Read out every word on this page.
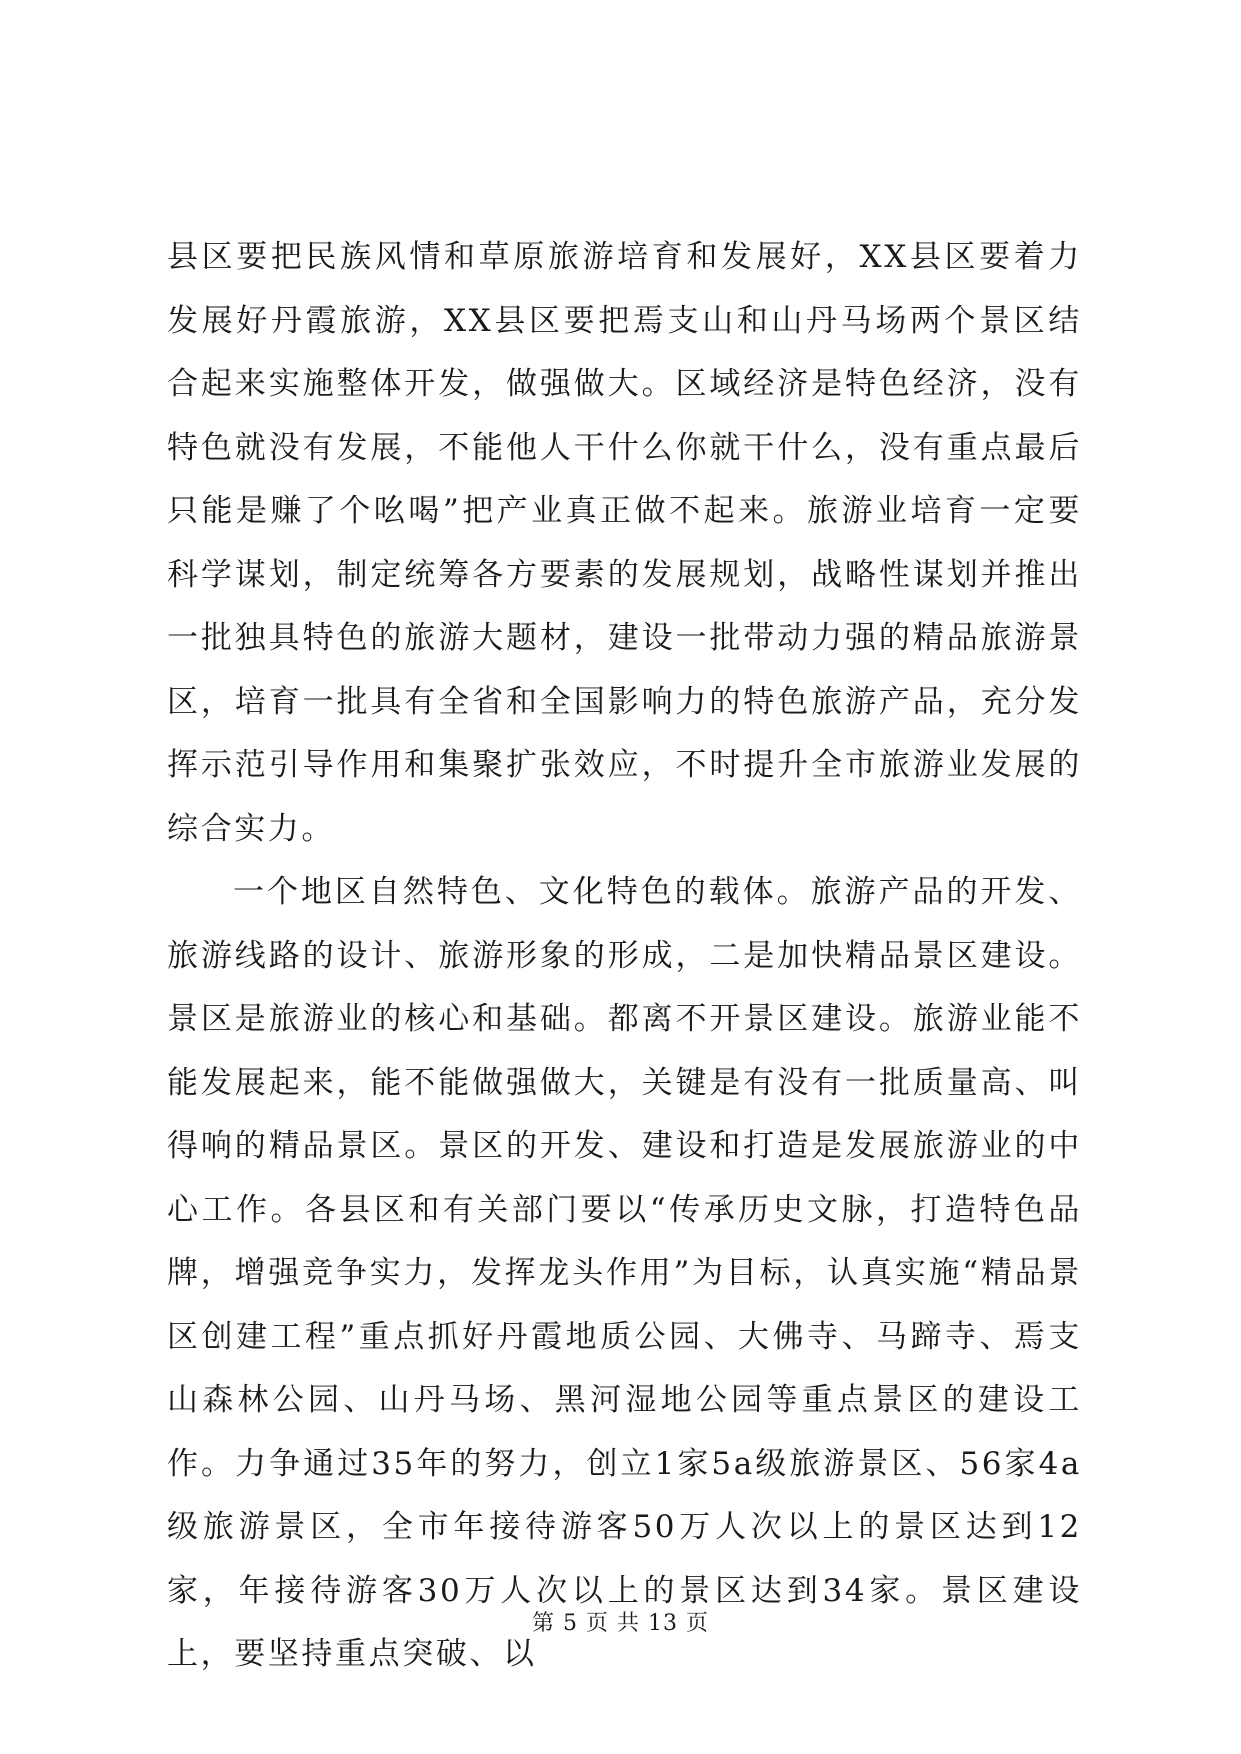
县区要把民族风情和草原旅游培育和发展好，XX县区要着力发展好丹霞旅游，XX县区要把焉支山和山丹马场两个景区结合起来实施整体开发，做强做大。区域经济是特色经济，没有特色就没有发展，不能他人干什么你就干什么，没有重点最后只能是赚了个吆喝”把产业真正做不起来。旅游业培育一定要科学谋划，制定统筹各方要素的发展规划，战略性谋划并推出一批独具特色的旅游大题材，建设一批带动力强的精品旅游景区，培育一批具有全省和全国影响力的特色旅游产品，充分发挥示范引导作用和集聚扩张效应，不时提升全市旅游业发展的综合实力。

一个地区自然特色、文化特色的载体。旅游产品的开发、旅游线路的设计、旅游形象的形成，二是加快精品景区建设。景区是旅游业的核心和基础。都离不开景区建设。旅游业能不能发展起来，能不能做强做大，关键是有没有一批质量高、叫得响的精品景区。景区的开发、建设和打造是发展旅游业的中心工作。各县区和有关部门要以“传承历史文脉，打造特色品牌，增强竞争实力，发挥龙头作用”为目标，认真实施“精品景区创建工程”重点抓好丹霞地质公园、大佛寺、马蹄寺、焉支山森林公园、山丹马场、黑河湿地公园等重点景区的建设工作。力争通过35年的努力，创立1家5a级旅游景区、56家4a级旅游景区，全市年接待游客50万人次以上的景区达到12家，年接待游客30万人次以上的景区达到34家。景区建设上，要坚持重点突破、以

第 5 页 共 13 页
